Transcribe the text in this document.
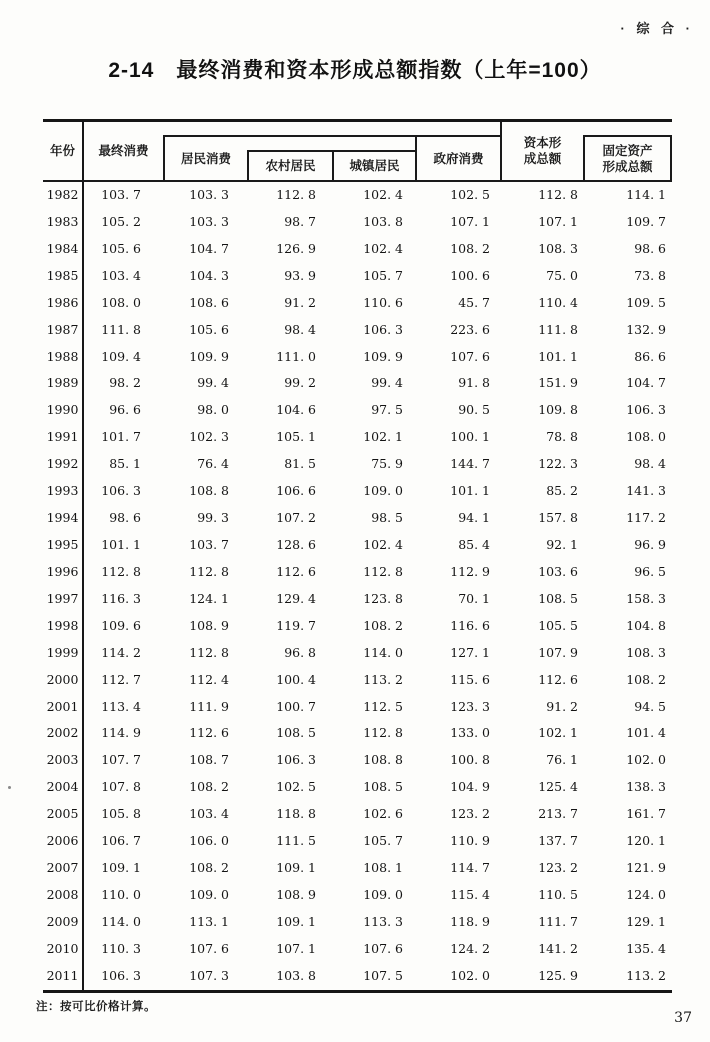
· 综 合 ·
2-14　最终消费和资本形成总额指数（上年=100）
年份	最终消费
居民消费
农村居民	城镇居民
政府消费
资本形
成总额
固定资产
形成总额
1982	103. 7	103. 3	112. 8	102. 4	102. 5	112. 8	114. 1
1983	105. 2	103. 3	98. 7	103. 8	107. 1	107. 1	109. 7
1984	105. 6	104. 7	126. 9	102. 4	108. 2	108. 3	98. 6
1985	103. 4	104. 3	93. 9	105. 7	100. 6	75. 0	73. 8
1986	108. 0	108. 6	91. 2	110. 6	45. 7	110. 4	109. 5
1987	111. 8	105. 6	98. 4	106. 3	223. 6	111. 8	132. 9
1988	109. 4	109. 9	111. 0	109. 9	107. 6	101. 1	86. 6
1989	98. 2	99. 4	99. 2	99. 4	91. 8	151. 9	104. 7
1990	96. 6	98. 0	104. 6	97. 5	90. 5	109. 8	106. 3
1991	101. 7	102. 3	105. 1	102. 1	100. 1	78. 8	108. 0
1992	85. 1	76. 4	81. 5	75. 9	144. 7	122. 3	98. 4
1993	106. 3	108. 8	106. 6	109. 0	101. 1	85. 2	141. 3
1994	98. 6	99. 3	107. 2	98. 5	94. 1	157. 8	117. 2
1995	101. 1	103. 7	128. 6	102. 4	85. 4	92. 1	96. 9
1996	112. 8	112. 8	112. 6	112. 8	112. 9	103. 6	96. 5
1997	116. 3	124. 1	129. 4	123. 8	70. 1	108. 5	158. 3
1998	109. 6	108. 9	119. 7	108. 2	116. 6	105. 5	104. 8
1999	114. 2	112. 8	96. 8	114. 0	127. 1	107. 9	108. 3
2000	112. 7	112. 4	100. 4	113. 2	115. 6	112. 6	108. 2
2001	113. 4	111. 9	100. 7	112. 5	123. 3	91. 2	94. 5
2002	114. 9	112. 6	108. 5	112. 8	133. 0	102. 1	101. 4
2003	107. 7	108. 7	106. 3	108. 8	100. 8	76. 1	102. 0
2004	107. 8	108. 2	102. 5	108. 5	104. 9	125. 4	138. 3
2005	105. 8	103. 4	118. 8	102. 6	123. 2	213. 7	161. 7
2006	106. 7	106. 0	111. 5	105. 7	110. 9	137. 7	120. 1
2007	109. 1	108. 2	109. 1	108. 1	114. 7	123. 2	121. 9
2008	110. 0	109. 0	108. 9	109. 0	115. 4	110. 5	124. 0
2009	114. 0	113. 1	109. 1	113. 3	118. 9	111. 7	129. 1
2010	110. 3	107. 6	107. 1	107. 6	124. 2	141. 2	135. 4
2011	106. 3	107. 3	103. 8	107. 5	102. 0	125. 9	113. 2
注：按可比价格计算。
37
